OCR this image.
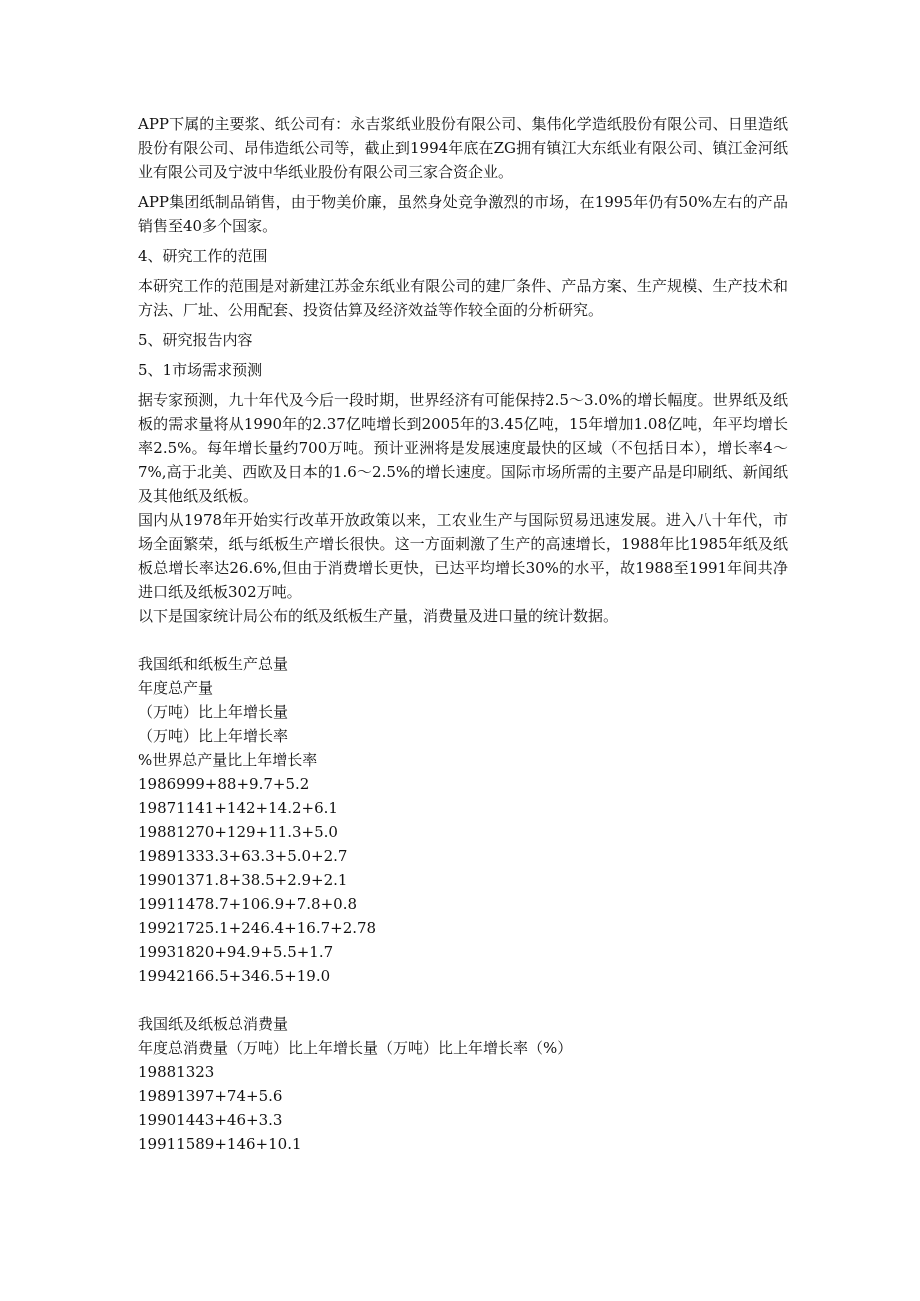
APP下属的主要浆、纸公司有：永吉浆纸业股份有限公司、集伟化学造纸股份有限公司、日里造纸股份有限公司、昂伟造纸公司等，截止到1994年底在ZG拥有镇江大东纸业有限公司、镇江金河纸业有限公司及宁波中华纸业股份有限公司三家合资企业。

APP集团纸制品销售，由于物美价廉，虽然身处竞争激烈的市场，在1995年仍有50%左右的产品销售至40多个国家。

4、研究工作的范围

本研究工作的范围是对新建江苏金东纸业有限公司的建厂条件、产品方案、生产规模、生产技术和方法、厂址、公用配套、投资估算及经济效益等作较全面的分析研究。

5、研究报告内容

5、1市场需求预测

据专家预测，九十年代及今后一段时期，世界经济有可能保持2.5～3.0%的增长幅度。世界纸及纸板的需求量将从1990年的2.37亿吨增长到2005年的3.45亿吨，15年增加1.08亿吨，年平均增长率2.5%。每年增长量约700万吨。预计亚洲将是发展速度最快的区域（不包括日本），增长率4～7%,高于北美、西欧及日本的1.6～2.5%的增长速度。国际市场所需的主要产品是印刷纸、新闻纸及其他纸及纸板。

国内从1978年开始实行改革开放政策以来，工农业生产与国际贸易迅速发展。进入八十年代，市场全面繁荣，纸与纸板生产增长很快。这一方面刺激了生产的高速增长，1988年比1985年纸及纸板总增长率达26.6%,但由于消费增长更快，已达平均增长30%的水平，故1988至1991年间共净进口纸及纸板302万吨。

以下是国家统计局公布的纸及纸板生产量，消费量及进口量的统计数据。

我国纸和纸板生产总量

年度总产量

（万吨）比上年增长量

（万吨）比上年增长率

%世界总产量比上年增长率

1986999+88+9.7+5.2

19871141+142+14.2+6.1

19881270+129+11.3+5.0

19891333.3+63.3+5.0+2.7

19901371.8+38.5+2.9+2.1

19911478.7+106.9+7.8+0.8

19921725.1+246.4+16.7+2.78

19931820+94.9+5.5+1.7

19942166.5+346.5+19.0

我国纸及纸板总消费量

年度总消费量（万吨）比上年增长量（万吨）比上年增长率（%）

19881323

19891397+74+5.6

19901443+46+3.3

19911589+146+10.1
